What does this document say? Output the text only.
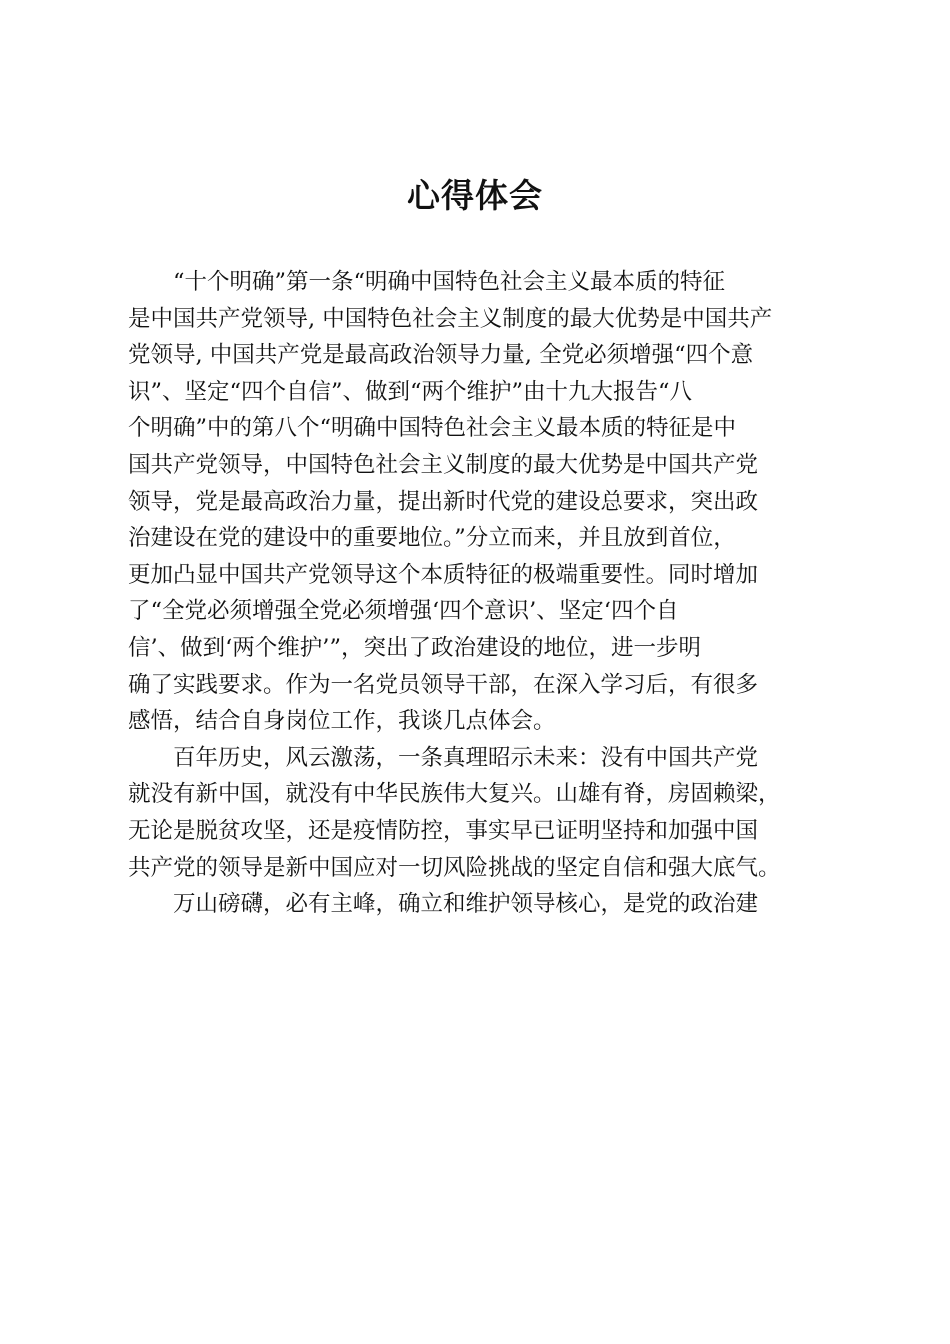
心得体会
“十个明确”第一条“明确中国特色社会主义最本质的特征
是中国共产党领导, 中国特色社会主义制度的最大优势是中国共产
党领导, 中国共产党是最高政治领导力量, 全党必须增强“四个意
识”、坚定“四个自信”、做到“两个维护”由十九大报告“八
个明确”中的第八个“明确中国特色社会主义最本质的特征是中
国共产党领导，中国特色社会主义制度的最大优势是中国共产党
领导，党是最高政治力量，提出新时代党的建设总要求，突出政
治建设在党的建设中的重要地位。”分立而来，并且放到首位，
更加凸显中国共产党领导这个本质特征的极端重要性。同时增加
了“全党必须增强全党必须增强‘四个意识’、坚定‘四个自
信’、做到‘两个维护’”，突出了政治建设的地位，进一步明
确了实践要求。作为一名党员领导干部，在深入学习后，有很多
感悟，结合自身岗位工作，我谈几点体会。
百年历史，风云激荡，一条真理昭示未来：没有中国共产党
就没有新中国，就没有中华民族伟大复兴。山雄有脊，房固赖梁，
无论是脱贫攻坚，还是疫情防控，事实早已证明坚持和加强中国
共产党的领导是新中国应对一切风险挑战的坚定自信和强大底气。
万山磅礴，必有主峰，确立和维护领导核心，是党的政治建
